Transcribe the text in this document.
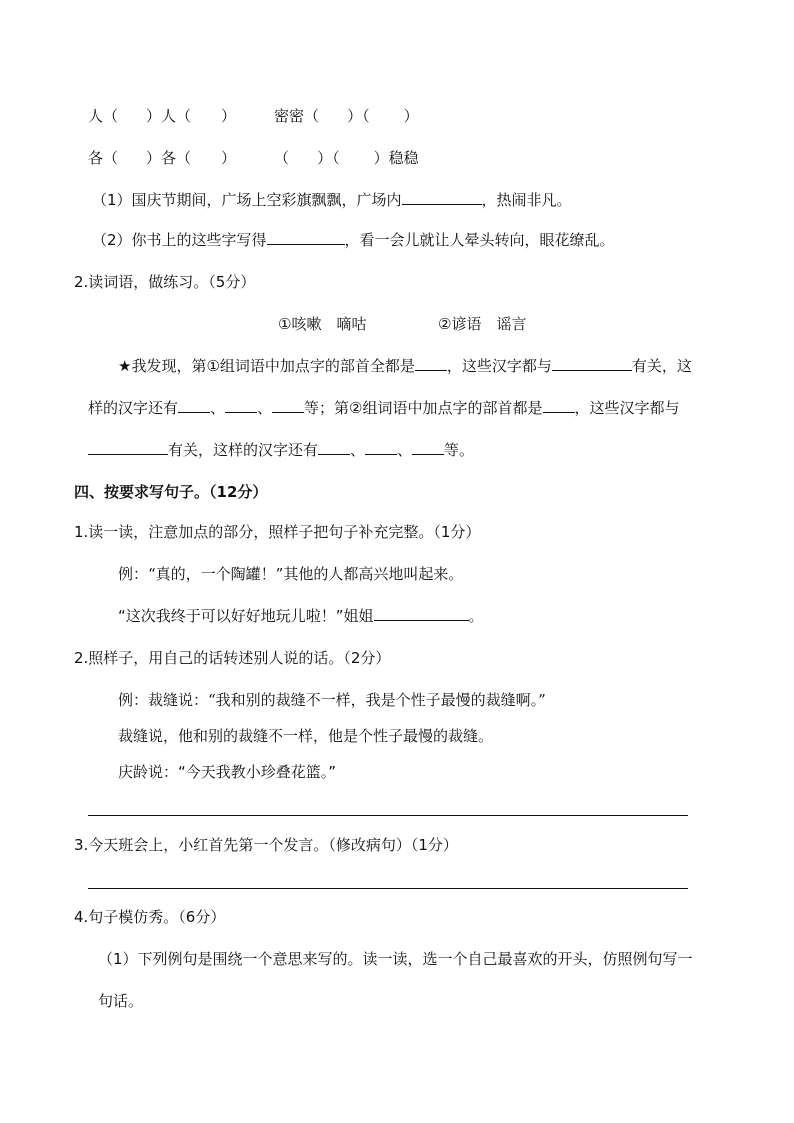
人（ ）人（ ）	密密（ ）（ ）
各（ ）各（ ）	（ ）（ ）稳稳
（1）国庆节期间，广场上空彩旗飘飘，广场内	，热闹非凡。
（2）你书上的这些字写得	，看一会儿就让人晕头转向，眼花缭乱。
2.读词语，做练习。（5分）
①咳嗽　嘀咕	②谚语　谣言
★我发现，第①组词语中加点字的部首全都是 ，这些汉字都与	有关，这
样的汉字还有 、 、 等；第②组词语中加点字的部首都是 ，这些汉字都与
有关，这样的汉字还有 、 、 等。
四、按要求写句子。（12分）
1.读一读，注意加点的部分，照样子把句子补充完整。（1分）
例：“真的，一个陶罐！”其他的人都高兴地叫起来。
“这次我终于可以好好地玩儿啦！”姐姐	。
2.照样子，用自己的话转述别人说的话。（2分）
例：裁缝说：“我和别的裁缝不一样，我是个性子最慢的裁缝啊。”
裁缝说，他和别的裁缝不一样，他是个性子最慢的裁缝。
庆龄说：“今天我教小珍叠花篮。”
3.今天班会上，小红首先第一个发言。（修改病句）（1分）
4.句子模仿秀。（6分）
（1）下列例句是围绕一个意思来写的。读一读，选一个自己最喜欢的开头，仿照例句写一
句话。
